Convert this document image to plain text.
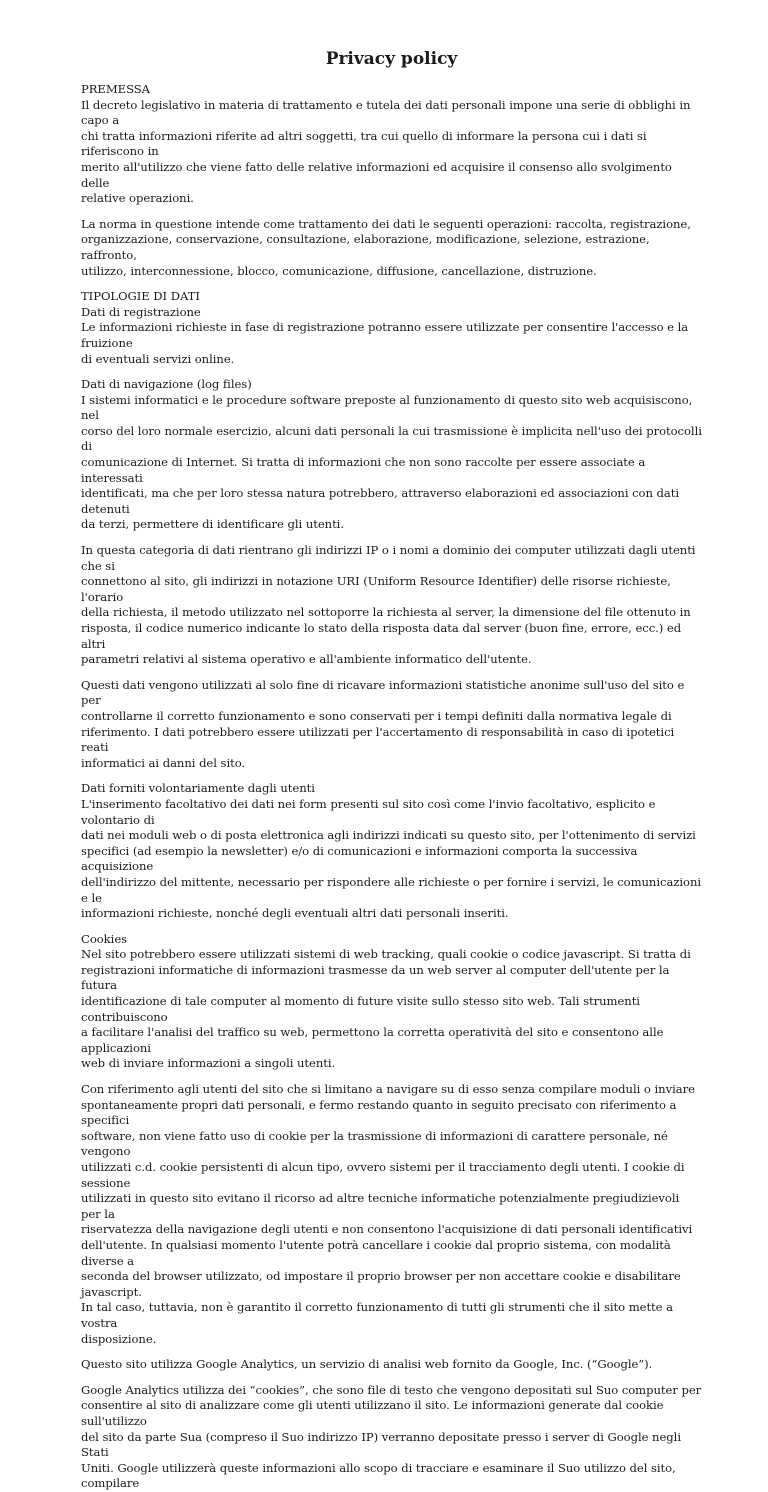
Privacy policy

PREMESSA
Il decreto legislativo in materia di trattamento e tutela dei dati personali impone una serie di obblighi in capo a
chi tratta informazioni riferite ad altri soggetti, tra cui quello di informare la persona cui i dati si riferiscono in
merito all'utilizzo che viene fatto delle relative informazioni ed acquisire il consenso allo svolgimento delle
relative operazioni.

La norma in questione intende come trattamento dei dati le seguenti operazioni: raccolta, registrazione,
organizzazione, conservazione, consultazione, elaborazione, modificazione, selezione, estrazione, raffronto,
utilizzo, interconnessione, blocco, comunicazione, diffusione, cancellazione, distruzione.

TIPOLOGIE DI DATI
Dati di registrazione
Le informazioni richieste in fase di registrazione potranno essere utilizzate per consentire l'accesso e la fruizione
di eventuali servizi online.

Dati di navigazione (log files)
I sistemi informatici e le procedure software preposte al funzionamento di questo sito web acquisiscono, nel
corso del loro normale esercizio, alcuni dati personali la cui trasmissione è implicita nell'uso dei protocolli di
comunicazione di Internet. Si tratta di informazioni che non sono raccolte per essere associate a interessati
identificati, ma che per loro stessa natura potrebbero, attraverso elaborazioni ed associazioni con dati detenuti
da terzi, permettere di identificare gli utenti.

In questa categoria di dati rientrano gli indirizzi IP o i nomi a dominio dei computer utilizzati dagli utenti che si
connettono al sito, gli indirizzi in notazione URI (Uniform Resource Identifier) delle risorse richieste, l'orario
della richiesta, il metodo utilizzato nel sottoporre la richiesta al server, la dimensione del file ottenuto in
risposta, il codice numerico indicante lo stato della risposta data dal server (buon fine, errore, ecc.) ed altri
parametri relativi al sistema operativo e all'ambiente informatico dell'utente.

Questi dati vengono utilizzati al solo fine di ricavare informazioni statistiche anonime sull'uso del sito e per
controllarne il corretto funzionamento e sono conservati per i tempi definiti dalla normativa legale di
riferimento. I dati potrebbero essere utilizzati per l'accertamento di responsabilità in caso di ipotetici reati
informatici ai danni del sito.

Dati forniti volontariamente dagli utenti
L'inserimento facoltativo dei dati nei form presenti sul sito così come l'invio facoltativo, esplicito e volontario di
dati nei moduli web o di posta elettronica agli indirizzi indicati su questo sito, per l'ottenimento di servizi
specifici (ad esempio la newsletter) e/o di comunicazioni e informazioni comporta la successiva acquisizione
dell'indirizzo del mittente, necessario per rispondere alle richieste o per fornire i servizi, le comunicazioni e le
informazioni richieste, nonché degli eventuali altri dati personali inseriti.

Cookies
Nel sito potrebbero essere utilizzati sistemi di web tracking, quali cookie o codice javascript. Si tratta di
registrazioni informatiche di informazioni trasmesse da un web server al computer dell'utente per la futura
identificazione di tale computer al momento di future visite sullo stesso sito web. Tali strumenti contribuiscono
a facilitare l'analisi del traffico su web, permettono la corretta operatività del sito e consentono alle applicazioni
web di inviare informazioni a singoli utenti.

Con riferimento agli utenti del sito che si limitano a navigare su di esso senza compilare moduli o inviare
spontaneamente propri dati personali, e fermo restando quanto in seguito precisato con riferimento a specifici
software, non viene fatto uso di cookie per la trasmissione di informazioni di carattere personale, né vengono
utilizzati c.d. cookie persistenti di alcun tipo, ovvero sistemi per il tracciamento degli utenti. I cookie di sessione
utilizzati in questo sito evitano il ricorso ad altre tecniche informatiche potenzialmente pregiudizievoli per la
riservatezza della navigazione degli utenti e non consentono l'acquisizione di dati personali identificativi
dell'utente. In qualsiasi momento l'utente potrà cancellare i cookie dal proprio sistema, con modalità diverse a
seconda del browser utilizzato, od impostare il proprio browser per non accettare cookie e disabilitare javascript.
In tal caso, tuttavia, non è garantito il corretto funzionamento di tutti gli strumenti che il sito mette a vostra
disposizione.

Questo sito utilizza Google Analytics, un servizio di analisi web fornito da Google, Inc. (“Google”).

Google Analytics utilizza dei “cookies”, che sono file di testo che vengono depositati sul Suo computer per
consentire al sito di analizzare come gli utenti utilizzano il sito. Le informazioni generate dal cookie sull'utilizzo
del sito da parte Sua (compreso il Suo indirizzo IP) verranno depositate presso i server di Google negli Stati
Uniti. Google utilizzerà queste informazioni allo scopo di tracciare e esaminare il Suo utilizzo del sito, compilare
